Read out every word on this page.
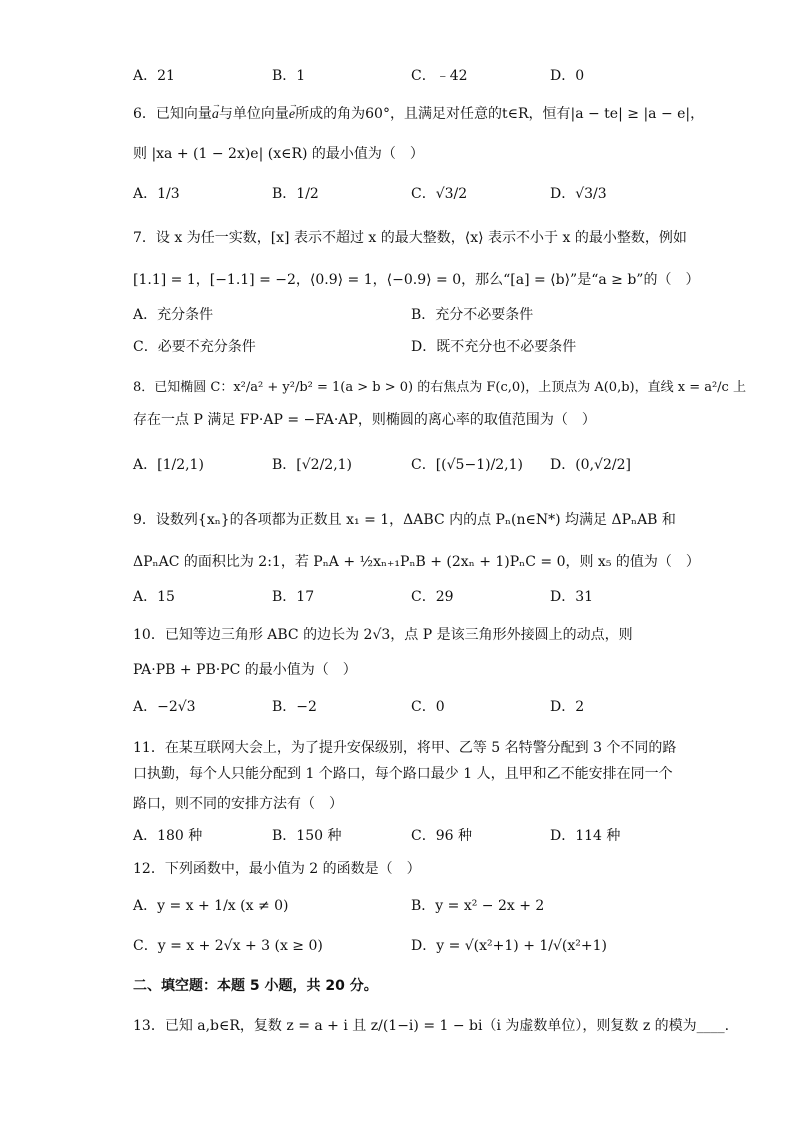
A．21	B．1	C．﹣42	D．0
6．已知向量→ a与单位向量→ e所成的角为60°，且满足对任意的t∈R，恒有|a − te| ≥ |a − e|，
则 |xa + (1 − 2x)e| (x∈R) 的最小值为（　）
A．1/3	B．1/2	C．√3/2	D．√3/3
7．设 x 为任一实数，[x] 表示不超过 x 的最大整数，⟨x⟩ 表示不小于 x 的最小整数，例如
[1.1] = 1，[−1.1] = −2，⟨0.9⟩ = 1，⟨−0.9⟩ = 0，那么“[a] = ⟨b⟩”是“a ≥ b”的（　）
A．充分条件	B．充分不必要条件
C．必要不充分条件	D．既不充分也不必要条件
8．已知椭圆 C：x²/a² + y²/b² = 1(a > b > 0) 的右焦点为 F(c,0)，上顶点为 A(0,b)，直线 x = a²/c 上
存在一点 P 满足 FP·AP = −FA·AP，则椭圆的离心率的取值范围为（　）
A．[1/2,1)	B．[√2/2,1)	C．[(√5−1)/2,1) D．(0,√2/2]
9．设数列{xₙ}的各项都为正数且 x₁ = 1，ΔABC 内的点 Pₙ(n∈N*) 均满足 ΔPₙAB 和
ΔPₙAC 的面积比为 2:1，若 PₙA + ½xₙ₊₁PₙB + (2xₙ + 1)PₙC = 0，则 x₅ 的值为（　）
A．15	B．17	C．29	D．31
10．已知等边三角形 ABC 的边长为 2√3，点 P 是该三角形外接圆上的动点，则
PA·PB + PB·PC 的最小值为（　）
A．−2√3	B．−2	C．0	D．2
11．在某互联网大会上，为了提升安保级别，将甲、乙等 5 名特警分配到 3 个不同的路
口执勤，每个人只能分配到 1 个路口，每个路口最少 1 人，且甲和乙不能安排在同一个
路口，则不同的安排方法有（　）
A．180 种	B．150 种	C．96 种	D．114 种
12．下列函数中，最小值为 2 的函数是（　）
A．y = x + 1/x (x ≠ 0)	B．y = x² − 2x + 2
C．y = x + 2√x + 3 (x ≥ 0)	D．y = √(x²+1) + 1/√(x²+1)
二、填空题：本题 5 小题，共 20 分。
13．已知 a,b∈R，复数 z = a + i 且 z/(1−i) = 1 − bi（i 为虚数单位），则复数 z 的模为____.
